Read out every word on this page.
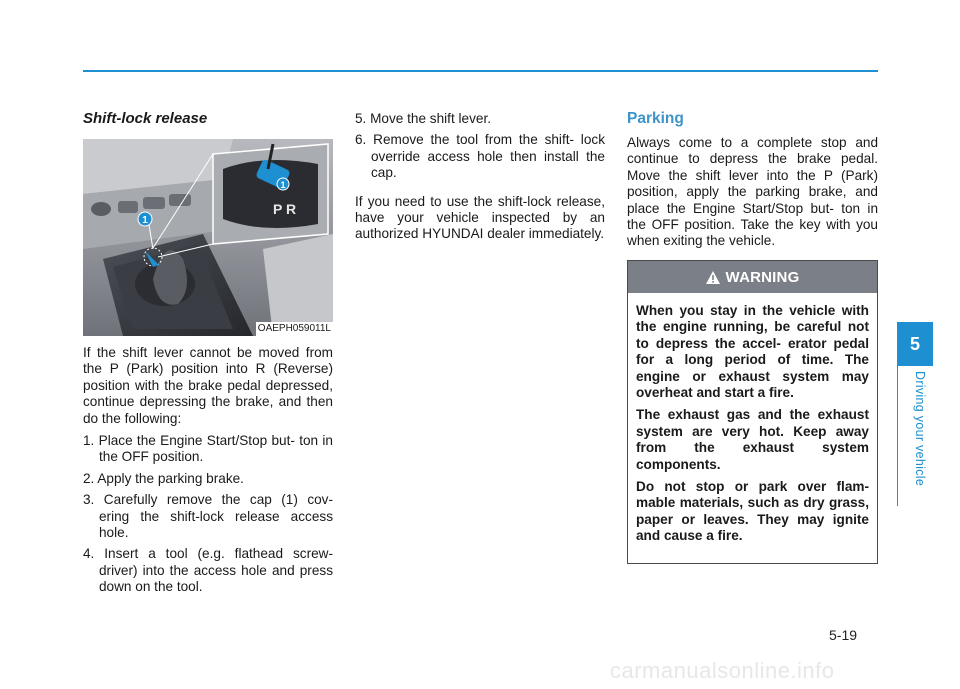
Shift-lock release
1
1
P R
OAEPH059011L

If the shift lever cannot be moved from the P (Park) position into R (Reverse) position with the brake pedal depressed, continue depressing the brake, and then do the following:

1. Place the Engine Start/Stop but- ton in the OFF position.
2. Apply the parking brake.
3. Carefully remove the cap (1) cov- ering the shift-lock release access hole.
4. Insert a tool (e.g. flathead screw- driver) into the access hole and press down on the tool.
5. Move the shift lever.
6. Remove the tool from the shift- lock override access hole then install the cap.

If you need to use the shift-lock release, have your vehicle inspected by an authorized HYUNDAI dealer immediately.

Parking

Always come to a complete stop and continue to depress the brake pedal. Move the shift lever into the P (Park) position, apply the parking brake, and place the Engine Start/Stop but- ton in the OFF position. Take the key with you when exiting the vehicle.

WARNING

When you stay in the vehicle with the engine running, be careful not to depress the accel- erator pedal for a long period of time. The engine or exhaust system may overheat and start a fire.

The exhaust gas and the exhaust system are very hot. Keep away from the exhaust system components.

Do not stop or park over flam- mable materials, such as dry grass, paper or leaves. They may ignite and cause a fire.

5
Driving your vehicle
5-19
carmanualsonline.info
